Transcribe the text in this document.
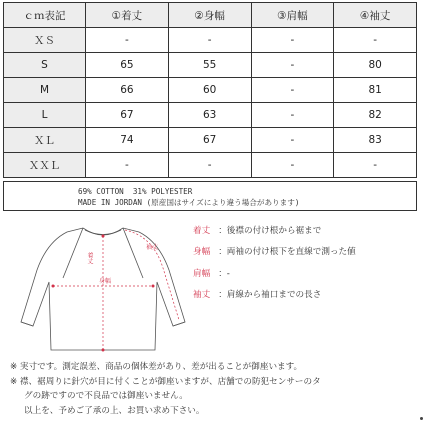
ｃｍ表記	①着丈	②身幅	③肩幅	④袖丈
ＸＳ	-	-	-	-
S	65	55	-	80
M	66	60	-	81
L	67	63	-	82
ＸＬ	74	67	-	83
ＸＸＬ	-	-	-	-
69% COTTON  31% POLYESTER
MADE IN JORDAN (原産国はサイズにより違う場合があります)
着丈
身幅
袖丈
着丈 ：後襟の付け根から裾まで
身幅 ：両袖の付け根下を直線で測った値
肩幅 ：-
袖丈 ：肩線から袖口までの長さ
※ 実寸です。測定誤差、商品の個体差があり、差が出ることが御座います。
※ 襟、裾周りに針穴が目に付くことが御座いますが、店舗での防犯センサーのタ
グの跡ですので不良品では御座いません。
以上を、予めご了承の上、お買い求め下さい。
